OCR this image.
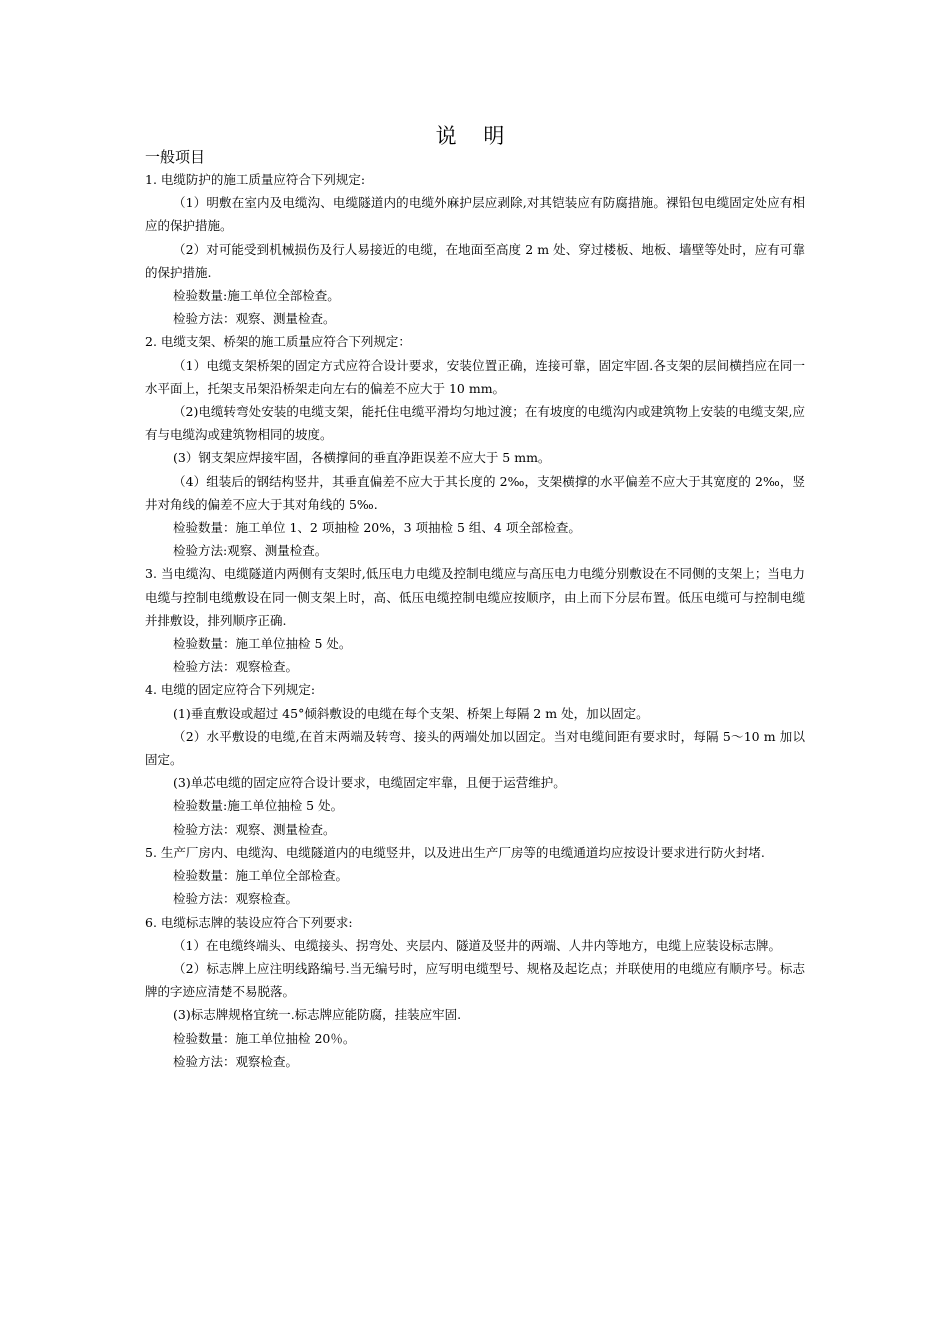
说 明
一般项目

1. 电缆防护的施工质量应符合下列规定:

（1）明敷在室内及电缆沟、电缆隧道内的电缆外麻护层应剥除,对其铠装应有防腐措施。裸铅包电缆固定处应有相应的保护措施。

（2）对可能受到机械损伤及行人易接近的电缆，在地面至高度 2 m 处、穿过楼板、地板、墙壁等处时，应有可靠的保护措施.

检验数量:施工单位全部检查。

检验方法：观察、测量检查。

2. 电缆支架、桥架的施工质量应符合下列规定：

（1）电缆支架桥架的固定方式应符合设计要求，安装位置正确，连接可靠，固定牢固.各支架的层间横挡应在同一水平面上，托架支吊架沿桥架走向左右的偏差不应大于 10 mm。

（2)电缆转弯处安装的电缆支架，能托住电缆平滑均匀地过渡；在有坡度的电缆沟内或建筑物上安装的电缆支架,应有与电缆沟或建筑物相同的坡度。

(3）钢支架应焊接牢固，各横撑间的垂直净距误差不应大于 5 mm。

（4）组装后的钢结构竖井，其垂直偏差不应大于其长度的 2‰，支架横撑的水平偏差不应大于其宽度的 2‰，竖井对角线的偏差不应大于其对角线的 5‰.

检验数量：施工单位 1、2 项抽检 20%，3 项抽检 5 组、4 项全部检查。

检验方法:观察、测量检查。

3. 当电缆沟、电缆隧道内两侧有支架时,低压电力电缆及控制电缆应与高压电力电缆分别敷设在不同侧的支架上；当电力电缆与控制电缆敷设在同一侧支架上时，高、低压电缆控制电缆应按顺序，由上而下分层布置。低压电缆可与控制电缆并排敷设，排列顺序正确.

检验数量：施工单位抽检 5 处。

检验方法：观察检查。

4. 电缆的固定应符合下列规定:

(1)垂直敷设或超过 45°倾斜敷设的电缆在每个支架、桥架上每隔 2 m 处，加以固定。

（2）水平敷设的电缆,在首末两端及转弯、接头的两端处加以固定。当对电缆间距有要求时，每隔 5～10 m 加以固定。

(3)单芯电缆的固定应符合设计要求，电缆固定牢靠，且便于运营维护。

检验数量:施工单位抽检 5 处。

检验方法：观察、测量检查。

5. 生产厂房内、电缆沟、电缆隧道内的电缆竖井，以及进出生产厂房等的电缆通道均应按设计要求进行防火封堵.

检验数量：施工单位全部检查。

检验方法：观察检查。

6. 电缆标志牌的装设应符合下列要求:

（1）在电缆终端头、电缆接头、拐弯处、夹层内、隧道及竖井的两端、人井内等地方，电缆上应装设标志牌。

（2）标志牌上应注明线路编号.当无编号时，应写明电缆型号、规格及起讫点；并联使用的电缆应有顺序号。标志牌的字迹应清楚不易脱落。

(3)标志牌规格宜统一.标志牌应能防腐，挂装应牢固.

检验数量：施工单位抽检 20％。

检验方法：观察检查。
